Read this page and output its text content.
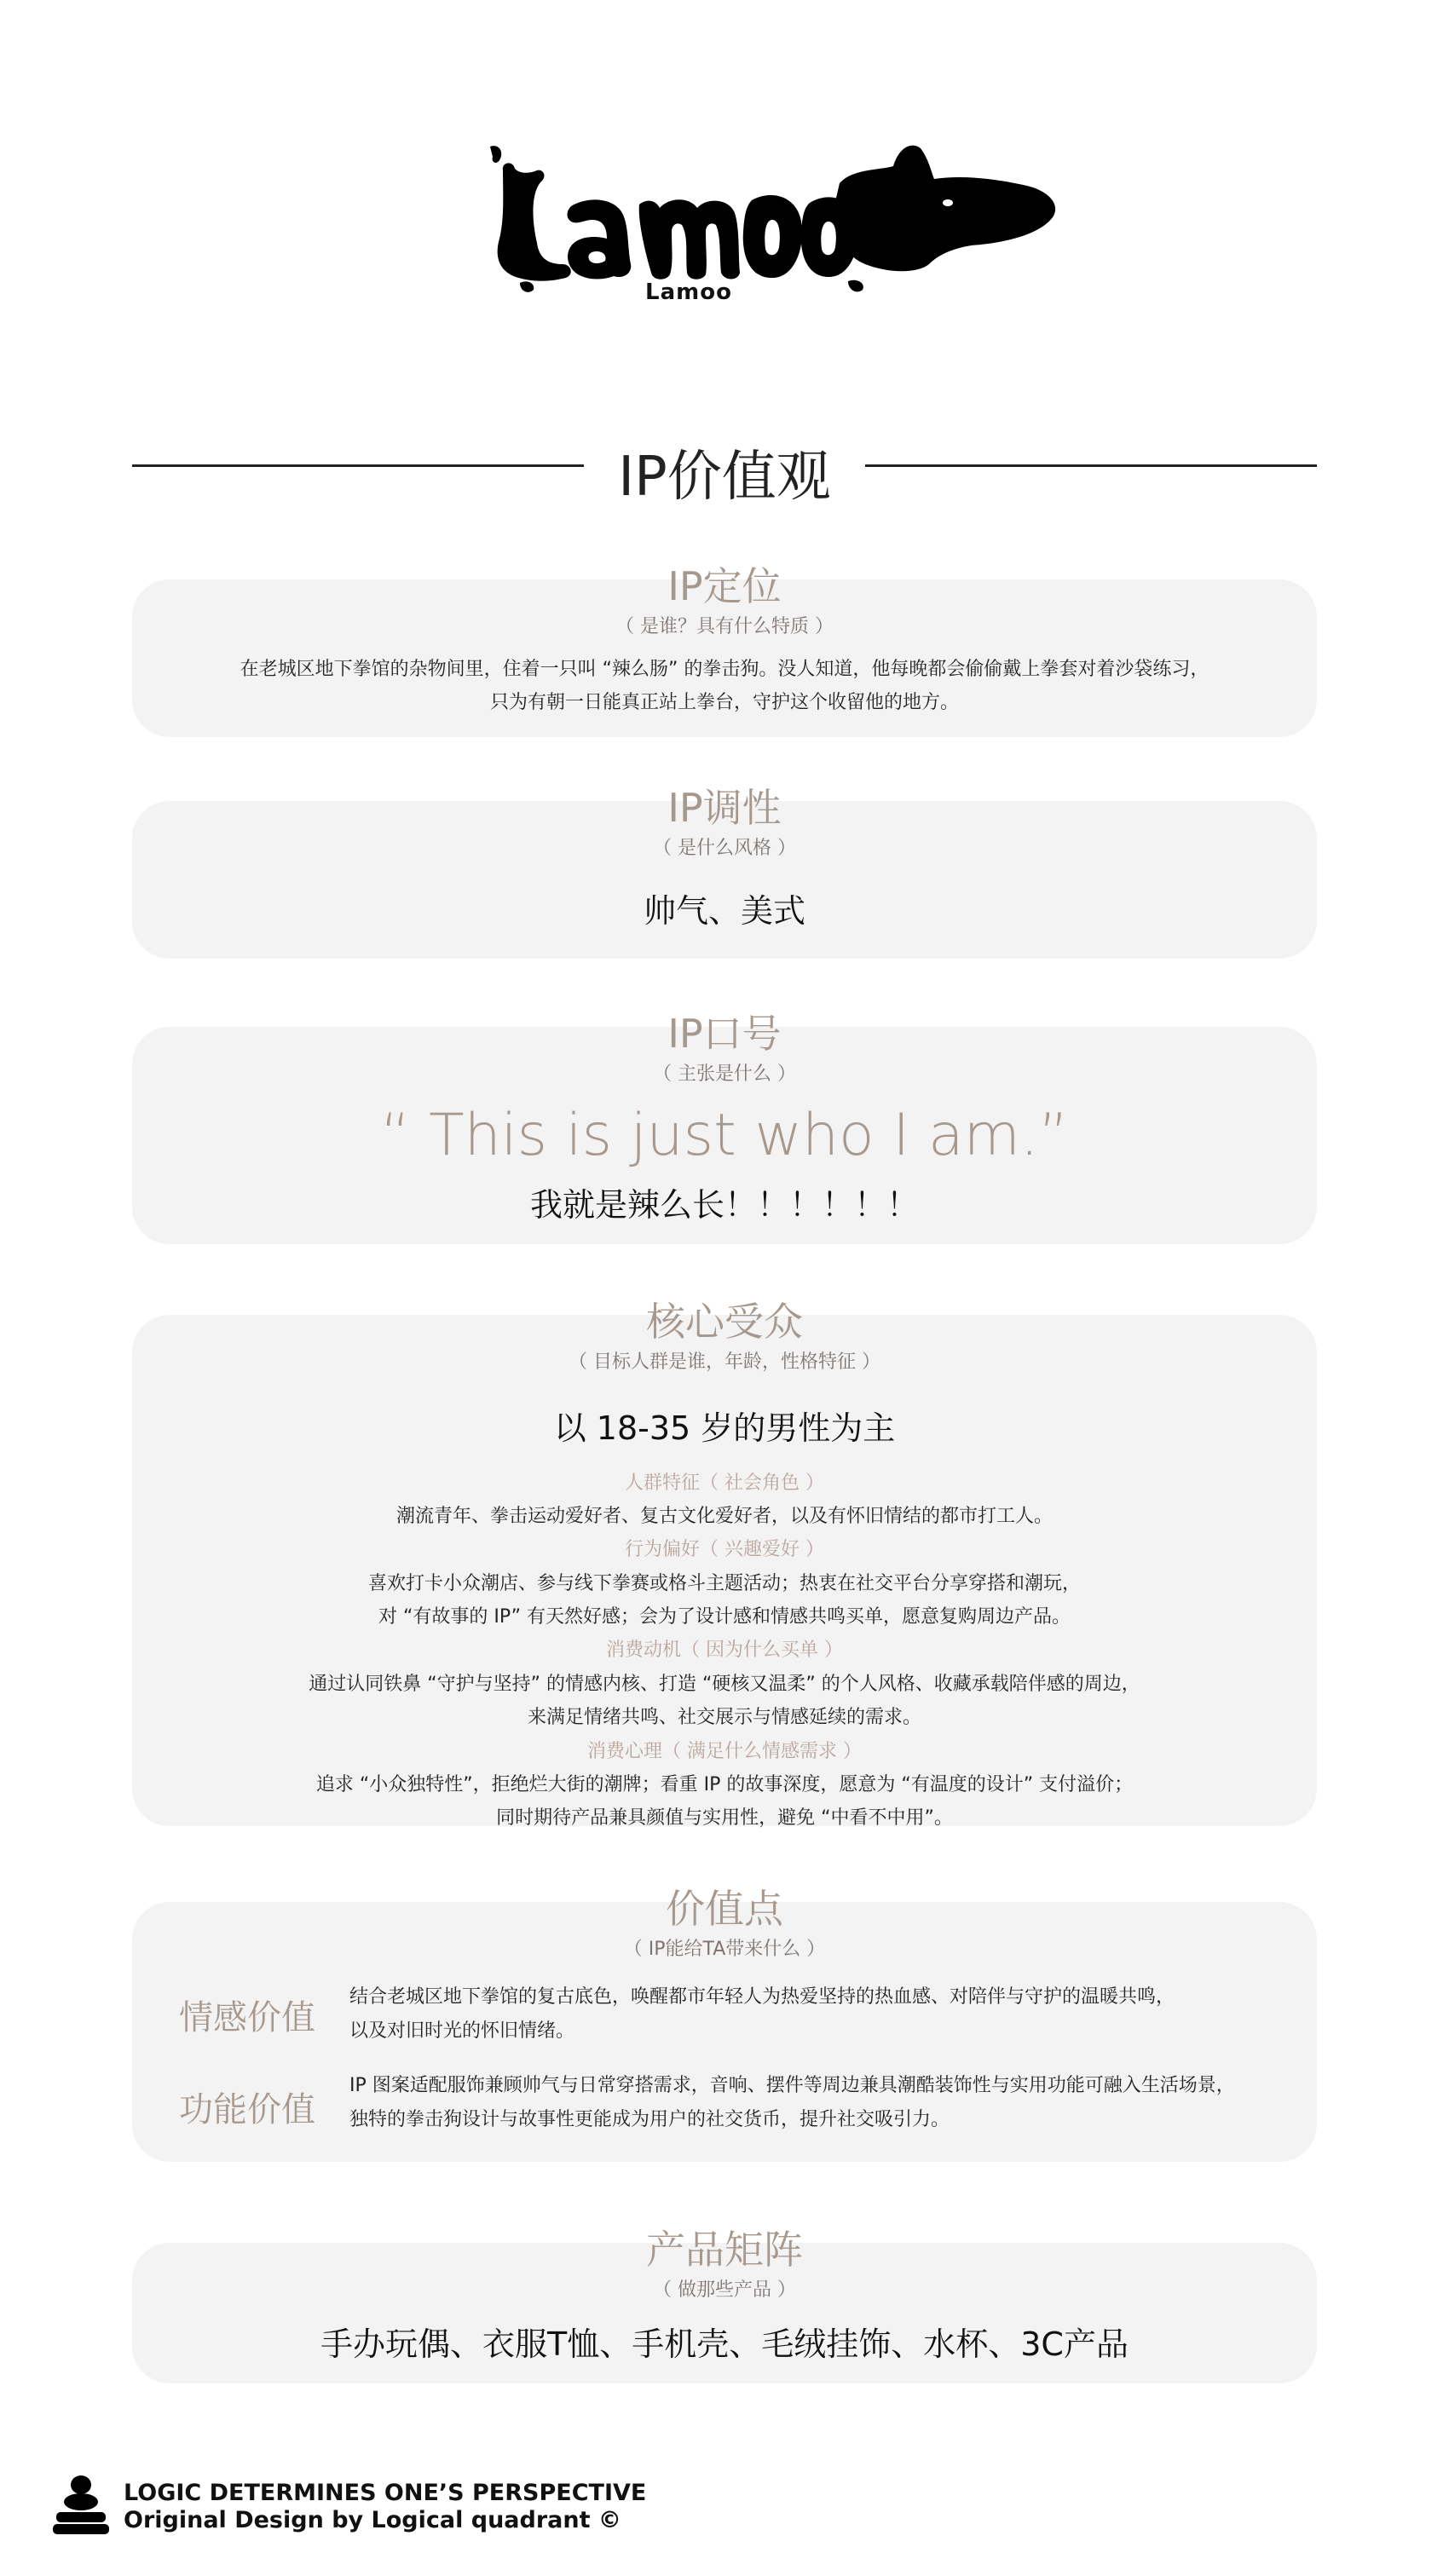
Lamoo
IP价值观
IP定位
（ 是谁？具有什么特质 ）
在老城区地下拳馆的杂物间里，住着一只叫 “辣么肠” 的拳击狗。没人知道，他每晚都会偷偷戴上拳套对着沙袋练习，
只为有朝一日能真正站上拳台，守护这个收留他的地方。
IP调性
（ 是什么风格 ）
帅气、美式
IP口号
（ 主张是什么 ）
“ This is just who I am.”
我就是辣么长！！！！！！
核心受众
（ 目标人群是谁，年龄，性格特征 ）
以 18-35 岁的男性为主
人群特征（ 社会角色 ）
潮流青年、拳击运动爱好者、复古文化爱好者，以及有怀旧情结的都市打工人。
行为偏好（ 兴趣爱好 ）
喜欢打卡小众潮店、参与线下拳赛或格斗主题活动；热衷在社交平台分享穿搭和潮玩，
对 “有故事的 IP” 有天然好感；会为了设计感和情感共鸣买单，愿意复购周边产品。
消费动机（ 因为什么买单 ）
通过认同铁鼻 “守护与坚持” 的情感内核、打造 “硬核又温柔” 的个人风格、收藏承载陪伴感的周边，
来满足情绪共鸣、社交展示与情感延续的需求。
消费心理（ 满足什么情感需求 ）
追求 “小众独特性”，拒绝烂大街的潮牌；看重 IP 的故事深度，愿意为 “有温度的设计” 支付溢价；
同时期待产品兼具颜值与实用性，避免 “中看不中用”。
价值点
（ IP能给TA带来什么 ）
情感价值
结合老城区地下拳馆的复古底色，唤醒都市年轻人为热爱坚持的热血感、对陪伴与守护的温暖共鸣，
以及对旧时光的怀旧情绪。
功能价值
IP 图案适配服饰兼顾帅气与日常穿搭需求，音响、摆件等周边兼具潮酷装饰性与实用功能可融入生活场景，
独特的拳击狗设计与故事性更能成为用户的社交货币，提升社交吸引力。
产品矩阵
（ 做那些产品 ）
手办玩偶、衣服T恤、手机壳、毛绒挂饰、水杯、3C产品
LOGIC DETERMINES ONE’S PERSPECTIVE
Original Design by Logical quadrant ©
